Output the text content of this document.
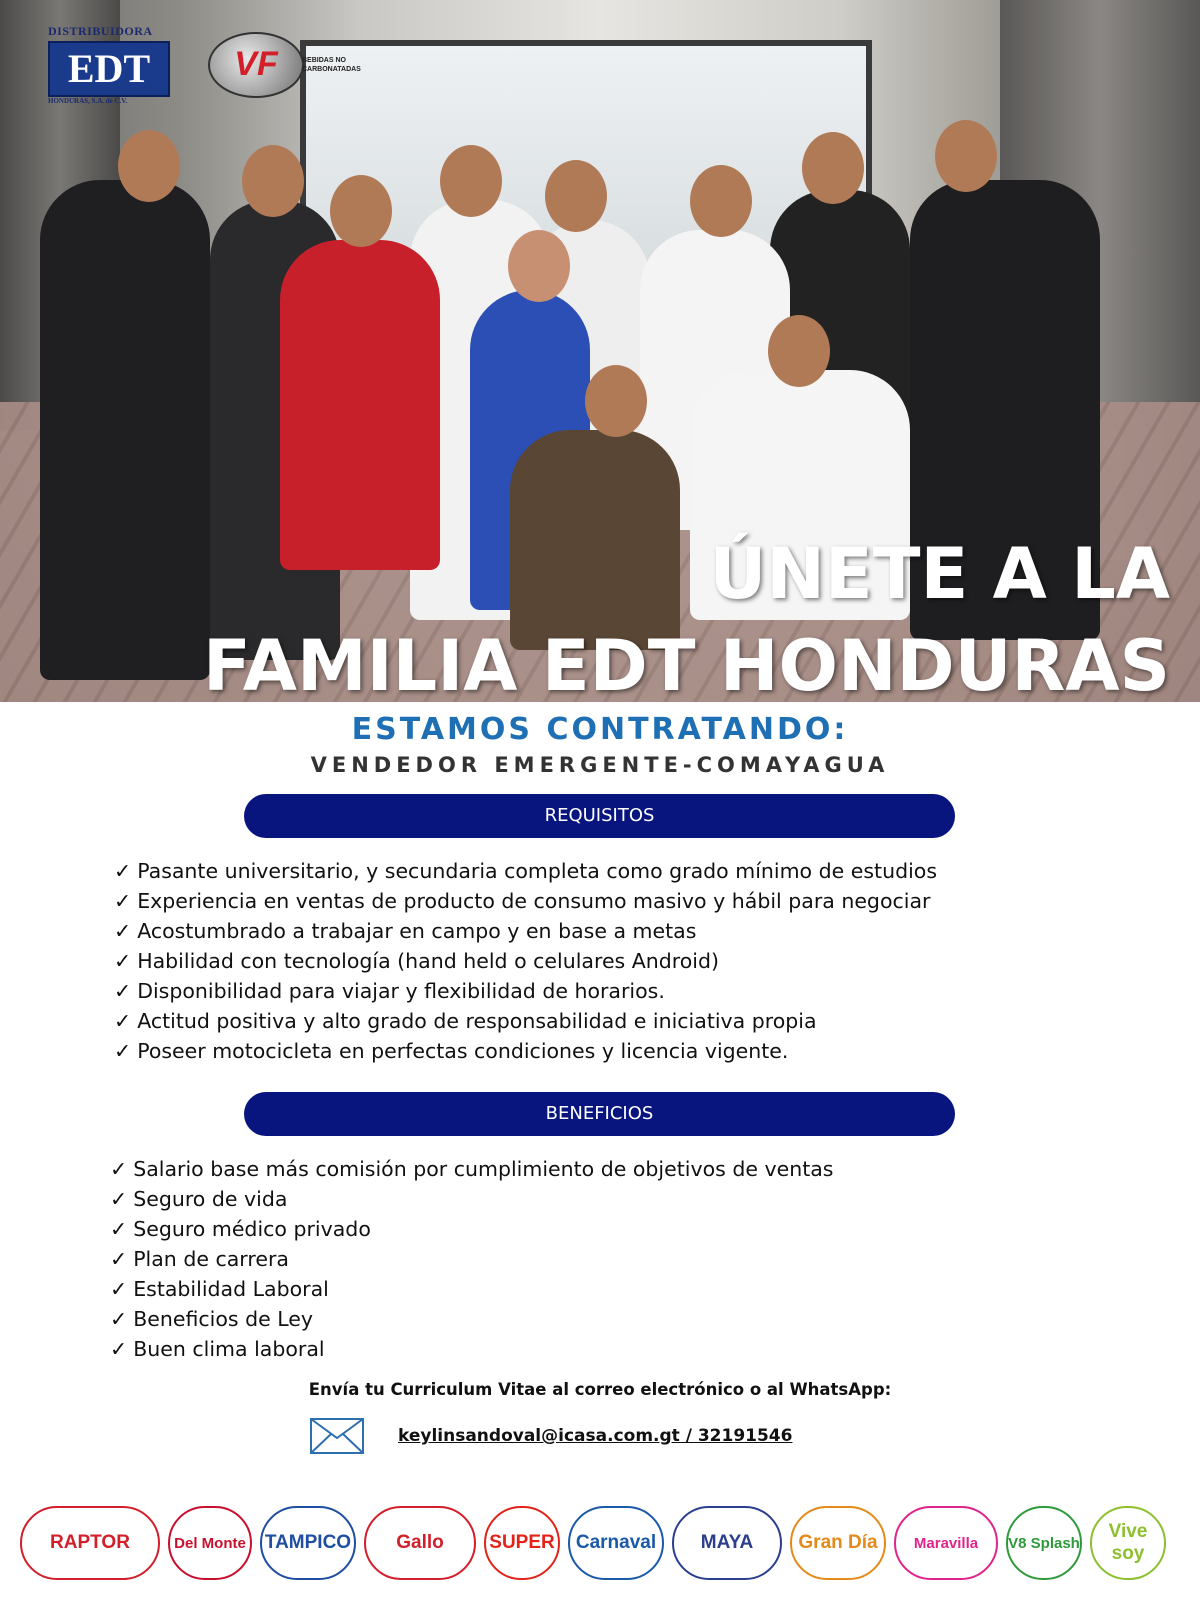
DISTRIBUIDORA
EDT
HONDURAS, S.A. de C.V.
VF	BEBIDAS NO CARBONATADAS
ÚNETE A LA
FAMILIA EDT HONDURAS
ESTAMOS CONTRATANDO:
VENDEDOR EMERGENTE-COMAYAGUA
REQUISITOS
✓ Pasante universitario, y secundaria completa como grado mínimo de estudios
✓ Experiencia en ventas de producto de consumo masivo y hábil para negociar
✓ Acostumbrado a trabajar en campo y en base a metas
✓ Habilidad con tecnología (hand held o celulares Android)
✓ Disponibilidad para viajar y flexibilidad de horarios.
✓ Actitud positiva y alto grado de responsabilidad e iniciativa propia
✓ Poseer motocicleta en perfectas condiciones y licencia vigente.
BENEFICIOS
✓ Salario base más comisión por cumplimiento de objetivos de ventas
✓ Seguro de vida
✓ Seguro médico privado
✓ Plan de carrera
✓ Estabilidad Laboral
✓ Beneficios de Ley
✓ Buen clima laboral
Envía tu Curriculum Vitae al correo electrónico o al WhatsApp:
keylinsandoval@icasa.com.gt / 32191546
RAPTOR	Del Monte	TAMPICO	Gallo	SUPER	Carnaval	MAYA	Gran Día	Maravilla	V8 Splash
Vive soy
